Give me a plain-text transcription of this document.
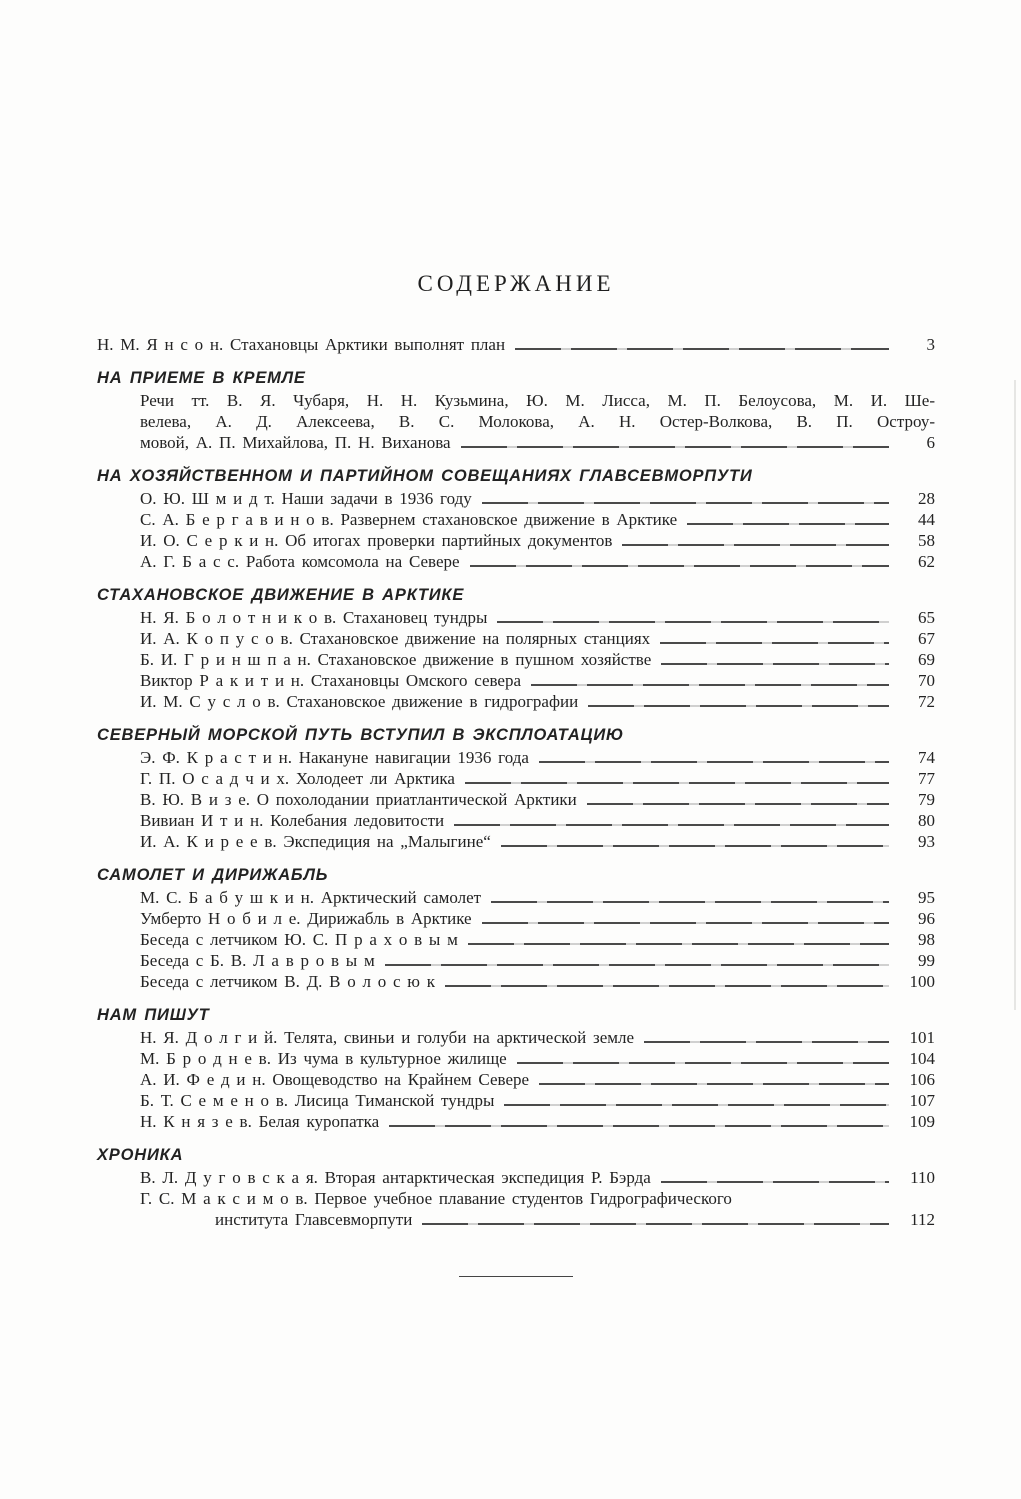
СОДЕРЖАНИЕ
Н. М. Я н с о н. Стахановцы Арктики выполнят план	3
НА ПРИЕМЕ В КРЕМЛЕ
Речи тт. В. Я. Чубаря, Н. Н. Кузьмина, Ю. М. Лисса, М. П. Белоусова, М. И. Ше-
велева, А. Д. Алексеева, В. С. Молокова, А. Н. Остер-Волкова, В. П. Остроу-
мовой, А. П. Михайлова, П. Н. Виханова	6
НА ХОЗЯЙСТВЕННОМ И ПАРТИЙНОМ СОВЕЩАНИЯХ ГЛАВСЕВМОРПУТИ
О. Ю. Ш м и д т. Наши задачи в 1936 году	28
С. А. Б е р г а в и н о в. Развернем стахановское движение в Арктике	44
И. О. С е р к и н. Об итогах проверки партийных документов	58
А. Г. Б а с с. Работа комсомола на Севере	62
СТАХАНОВСКОЕ ДВИЖЕНИЕ В АРКТИКЕ
Н. Я. Б о л о т н и к о в. Стахановец тундры	65
И. А. К о п у с о в. Стахановское движение на полярных станциях	67
Б. И. Г р и н ш п а н. Стахановское движение в пушном хозяйстве	69
Виктор Р а к и т и н. Стахановцы Омского севера	70
И. М. С у с л о в. Стахановское движение в гидрографии	72
СЕВЕРНЫЙ МОРСКОЙ ПУТЬ ВСТУПИЛ В ЭКСПЛОАТАЦИЮ
Э. Ф. К р а с т и н. Накануне навигации 1936 года	74
Г. П. О с а д ч и х. Холодеет ли Арктика	77
В. Ю. В и з е. О похолодании приатлантической Арктики	79
Вивиан И т и н. Колебания ледовитости	80
И. А. К и р е е в. Экспедиция на „Малыгине“	93
САМОЛЕТ И ДИРИЖАБЛЬ
М. С. Б а б у ш к и н. Арктический самолет	95
Умберто Н о б и л е. Дирижабль в Арктике	96
Беседа с летчиком Ю. С. П р а х о в ы м	98
Беседа с Б. В. Л а в р о в ы м	99
Беседа с летчиком В. Д. В о л о с ю к	100
НАМ ПИШУТ
Н. Я. Д о л г и й. Телята, свиньи и голуби на арктической земле	101
М. Б р о д н е в. Из чума в культурное жилище	104
А. И. Ф е д и н. Овощеводство на Крайнем Севере	106
Б. Т. С е м е н о в. Лисица Тиманской тундры	107
Н. К н я з е в. Белая куропатка	109
ХРОНИКА
В. Л. Д у г о в с к а я. Вторая антарктическая экспедиция Р. Бэрда	110
Г. С. М а к с и м о в. Первое учебное плавание студентов Гидрографического
института Главсевморпути	112
